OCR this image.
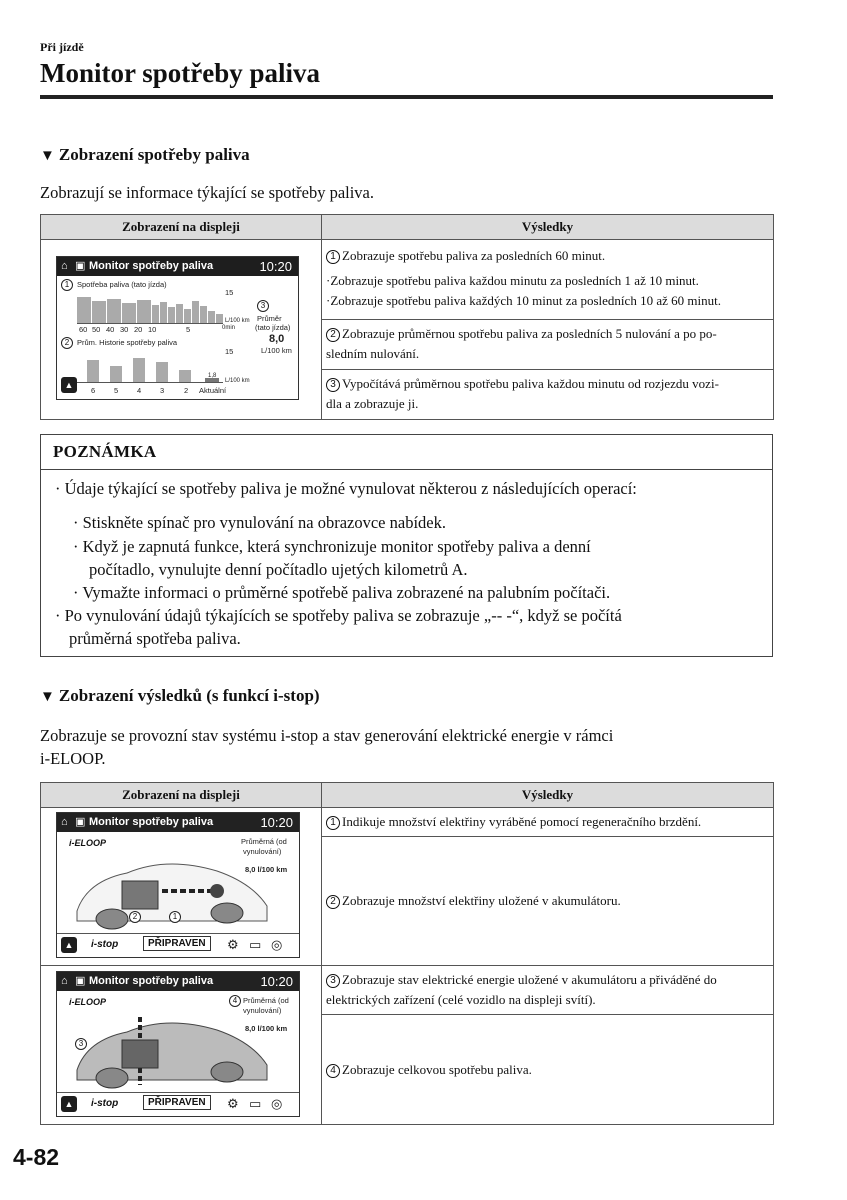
Při jízdě
Monitor spotřeby paliva
▼ Zobrazení spotřeby paliva
Zobrazují se informace týkající se spotřeby paliva.
Zobrazení na displeji	Výsledky

	1 Zobrazuje spotřebu paliva za posledních 60 minut.
·Zobrazuje spotřebu paliva každou minutu za posledních 1 až 10 minut.
·Zobrazuje spotřebu paliva každých 10 minut za posledních 10 až 60 minut.

	2 Zobrazuje průměrnou spotřebu paliva za posledních 5 nulování a po po-
sledním nulování.

	3 Vypočítává průměrnou spotřebu paliva každou minutu od rozjezdu vozi-
dla a zobrazuje ji.
⌂ ▣ Monitor spotřeby paliva	10:20
1	Spotřeba paliva (tato jízda)
15
L/100 km
60 50 40 30 20 10	5	0min
3
Průměr
(tato jízda)
8,0
L/100 km
2	Prům. Historie spotřeby paliva
15
1,8
L/100 km
▲
6	5	4	3	2 Aktuální
POZNÁMKA
· Údaje týkající se spotřeby paliva je možné vynulovat některou z následujících operací:
· Stiskněte spínač pro vynulování na obrazovce nabídek.
· Když je zapnutá funkce, která synchronizuje monitor spotřeby paliva a denní
počítadlo, vynulujte denní počítadlo ujetých kilometrů A.
· Vymažte informaci o průměrné spotřebě paliva zobrazené na palubním počítači.
· Po vynulování údajů týkajících se spotřeby paliva se zobrazuje „-- -“, když se počítá
průměrná spotřeba paliva.
▼ Zobrazení výsledků (s funkcí i-stop)
Zobrazuje se provozní stav systému i-stop a stav generování elektrické energie v rámci
i-ELOOP.
Zobrazení na displeji	Výsledky

	1 Indikuje množství elektřiny vyráběné pomocí regeneračního brzdění.

	2 Zobrazuje množství elektřiny uložené v akumulátoru.

	3 Zobrazuje stav elektrické energie uložené v akumulátoru a přiváděné do
elektrických zařízení (celé vozidlo na displeji svítí).

	4 Zobrazuje celkovou spotřebu paliva.
⌂ ▣ Monitor spotřeby paliva	10:20
i-ELOOP	Průměrná (od
vynulování)
8,0 l/100 km
2	1
▲	i-stop	PŘIPRAVEN	⚙ ▭ ◎
⌂ ▣ Monitor spotřeby paliva	10:20
i-ELOOP	4 Průměrná (od
vynulování)
8,0 l/100 km
3
▲	i-stop	PŘIPRAVEN	⚙ ▭ ◎
4-82
